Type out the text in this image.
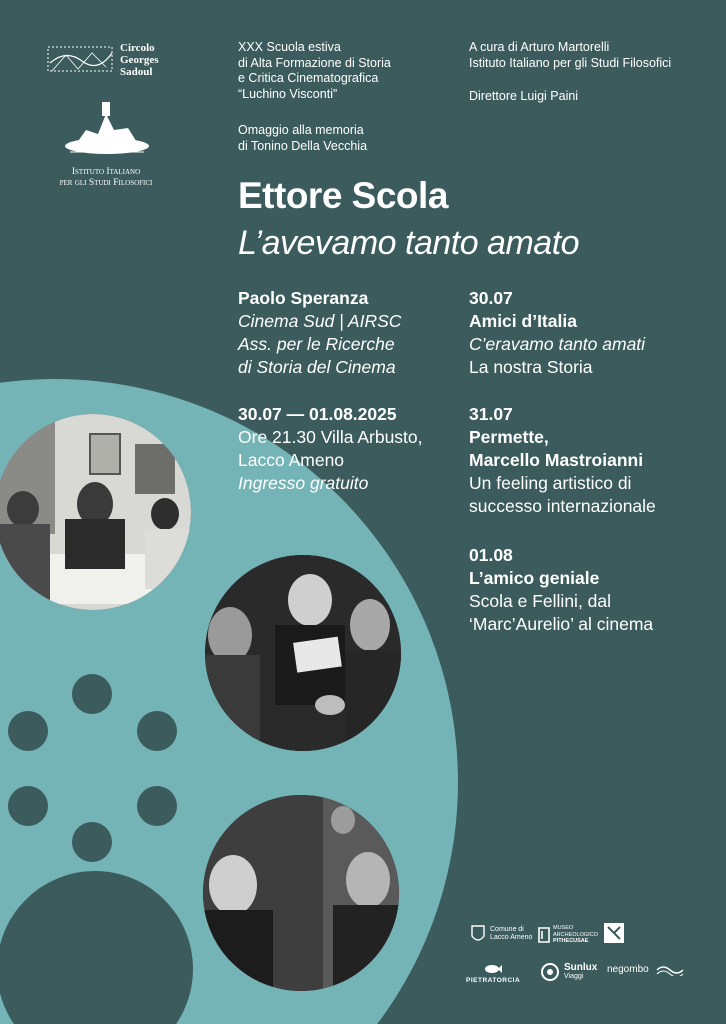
Circolo
Georges
Sadoul
Istituto Italiano
per gli Studi Filosofici
XXX Scuola estiva
di Alta Formazione di Storia
e Critica Cinematografica
“Luchino Visconti”
Omaggio alla memoria
di Tonino Della Vecchia
A cura di Arturo Martorelli
Istituto Italiano per gli Studi Filosofici
Direttore Luigi Paini
Ettore Scola
L’avevamo tanto amato
Paolo Speranza
Cinema Sud | AIRSC
Ass. per le Ricerche
di Storia del Cinema
30.07 — 01.08.2025
Ore 21.30 Villa Arbusto,
Lacco Ameno
Ingresso gratuito
30.07
Amici d’Italia
C’eravamo tanto amati
La nostra Storia
31.07
Permette,
Marcello Mastroianni
Un feeling artistico di
successo internazionale
01.08
L’amico geniale
Scola e Fellini, dal
‘Marc’Aurelio’ al cinema
Comune di
Lacco Ameno
MUSEO
ARCHEOLOGICO
PITHECUSAE
PIETRATORCIA
Sunlux
Viaggi
negombo
